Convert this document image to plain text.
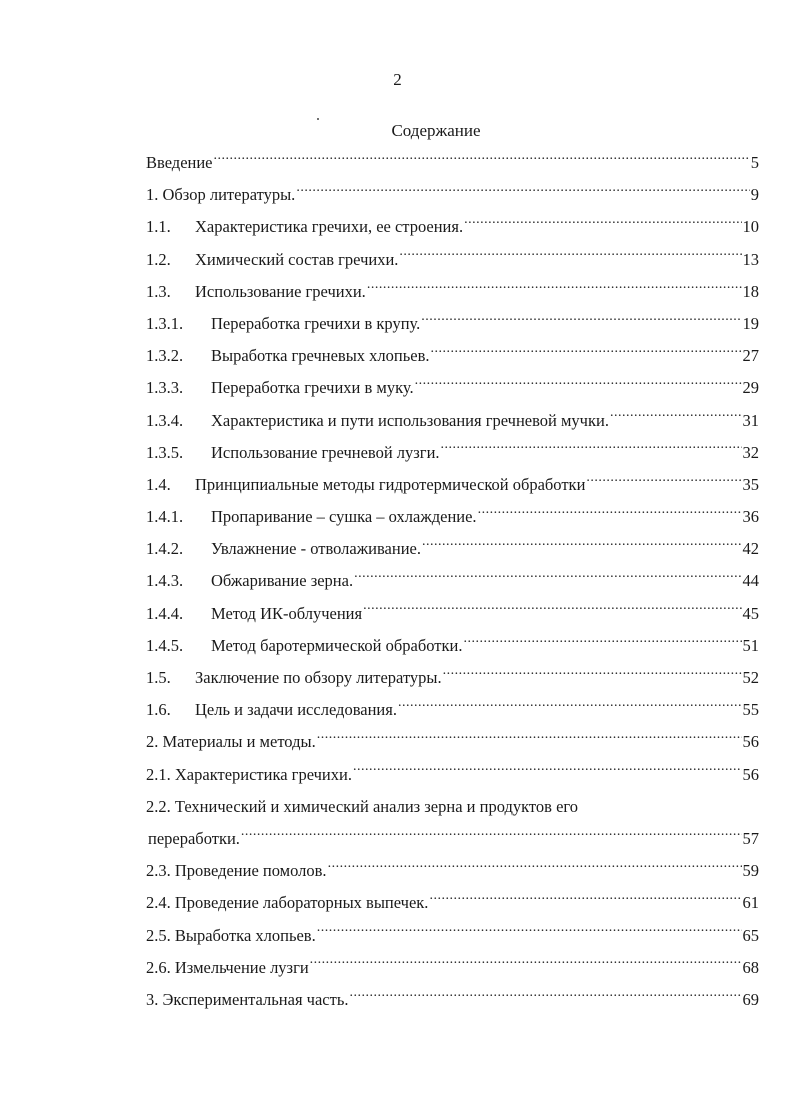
2
Содержание
Введение .....	5
1. Обзор литературы. .....	9
1.1.	Характеристика гречихи, ее строения. .....	10
1.2.	Химический состав гречихи. .....	13
1.3.	Использование гречихи. .....	18
1.3.1.	Переработка гречихи в крупу. .....	19
1.3.2.	Выработка гречневых хлопьев. .....	27
1.3.3.	Переработка гречихи в муку. .....	29
1.3.4.	Характеристика и пути использования гречневой мучки. .....	31
1.3.5.	Использование гречневой лузги. .....	32
1.4.	Принципиальные методы гидротермической обработки .....	35
1.4.1.	Пропаривание – сушка – охлаждение. .....	36
1.4.2.	Увлажнение - отволаживание. .....	42
1.4.3.	Обжаривание зерна. .....	44
1.4.4.	Метод ИК-облучения .....	45
1.4.5.	Метод баротермической обработки. .....	51
1.5.	Заключение по обзору литературы. .....	52
1.6.	Цель и задачи исследования. .....	55
2. Материалы и методы. .....	56
2.1. Характеристика гречихи. .....	56
2.2. Технический и химический анализ зерна и продуктов его
переработки. .....	57
2.3. Проведение помолов. .....	59
2.4. Проведение лабораторных выпечек. .....	61
2.5. Выработка хлопьев. .....	65
2.6. Измельчение лузги .....	68
3. Экспериментальная часть. .....	69
